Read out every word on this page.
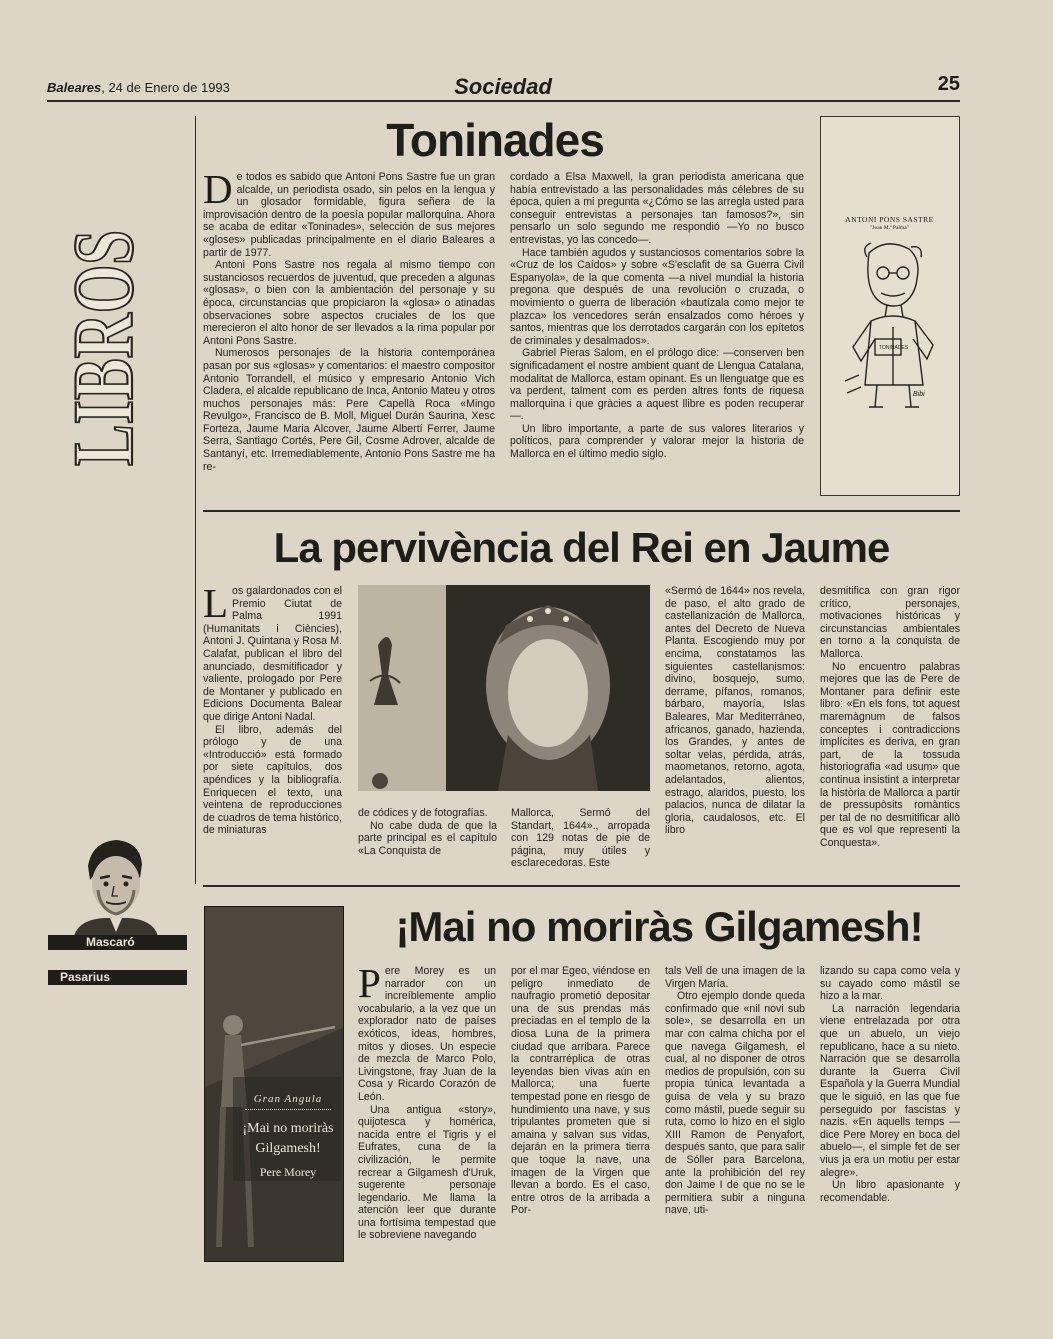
Baleares, 24 de Enero de 1993	Sociedad	25
LIBROS
Toninades
D e todos es sabido que Antoni Pons Sastre fue un gran alcalde, un periodista osado, sin pelos en la lengua y un glosador formidable, figura señera de la improvisación dentro de la poesía popular mallorquina. Ahora se acaba de editar «Toninades», selección de sus mejores «gloses» publicadas principalmente en el diario Baleares a partir de 1977.

Antoni Pons Sastre nos regala al mismo tiempo con sustanciosos recuerdos de juventud, que preceden a algunas «glosas», o bien con la ambientación del personaje y su época, circunstancias que propiciaron la «glosa» o atinadas observaciones sobre aspectos cruciales de los que merecieron el alto honor de ser llevados a la rima popular por Antoni Pons Sastre.

Numerosos personajes de la historia contemporánea pasan por sus «glosas» y comentarios: el maestro compositor Antonio Torrandell, el músico y empresario Antonio Vich Cladera, el alcalde republicano de Inca, Antonio Mateu y otros muchos personajes más: Pere Capellà Roca «Mingo Revulgo», Francisco de B. Moll, Miguel Durán Saurina, Xesc Forteza, Jaume Maria Alcover, Jaume Albertí Ferrer, Jaume Serra, Santiago Cortés, Pere Gil, Cosme Adrover, alcalde de Santanyí, etc. Irremediablemente, Antonio Pons Sastre me ha re-

cordado a Elsa Maxwell, la gran periodista americana que había entrevistado a las personalidades más célebres de su época, quien a mi pregunta «¿Cómo se las arregla usted para conseguir entrevistas a personajes tan famosos?», sin pensarlo un solo segundo me respondió —Yo no busco entrevistas, yo las concedo—.

Hace también agudos y sustanciosos comentarios sobre la «Cruz de los Caídos» y sobre «S'esclafit de sa Guerra Civil Espanyola», de la que comenta —a nivel mundial la historia pregona que después de una revolución o cruzada, o movimiento o guerra de liberación «bautízala como mejor te plazca» los vencedores serán ensalzados como héroes y santos, mientras que los derrotados cargarán con los epítetos de criminales y desalmados».

Gabriel Pieras Salom, en el prólogo dice: —conserven ben significadament el nostre ambient quant de Llengua Catalana, modalitat de Mallorca, estam opinant. Es un llenguatge que es va perdent, talment com es perden altres fonts de riquesa mallorquina i que gràcies a aquest llibre es poden recuperar—.

Un libro importante, a parte de sus valores literarios y políticos, para comprender y valorar mejor la historia de Mallorca en el último medio siglo.

ANTONI PONS SASTRE
"Joan M.ª Palma"
TONINADES
Bibi
La pervivència del Rei en Jaume
L os galardonados con el Premio Ciutat de Palma 1991 (Humanitats i Ciències), Antoni J. Quintana y Rosa M. Calafat, publican el libro del anunciado, desmitificador y valiente, prologado por Pere de Montaner y publicado en Edicions Documenta Balear que dirige Antoni Nadal.

El libro, además del prólogo y de una «Introducció» está formado por siete capítulos, dos apéndices y la bibliografía. Enriquecen el texto, una veintena de reproducciones de cuadros de tema histórico, de miniaturas

de códices y de fotografías.

No cabe duda de que la parte principal es el capítulo «La Conquista de

Mallorca, Sermó del Standart, 1644»., arropada con 129 notas de pie de página, muy útiles y esclarecedoras. Este

«Sermó de 1644» nos revela, de paso, el alto grado de castellanización de Mallorca, antes del Decreto de Nueva Planta. Escogiendo muy por encima, constatamos las siguientes castellanismos: divino, bosquejo, sumo, derrame, pífanos, romanos, bárbaro, mayoría, Islas Baleares, Mar Mediterráneo, africanos, ganado, hazienda, los Grandes, y antes de soltar velas, pérdida, atrás, maometanos, retorno, agota, adelantados, alientos, estrago, alaridos, puesto, los palacios, nunca de dilatar la gloria, caudalosos, etc. El libro

desmitifica con gran rigor crítico, personajes, motivaciones históricas y circunstancias ambientales en torno a la conquista de Mallorca.

No encuentro palabras mejores que las de Pere de Montaner para definir este libro: «En els fons, tot aquest maremàgnum de falsos conceptes i contradiccions implícites es deriva, en gran part, de la tossuda historiografia «ad usum» que continua insistint a interpretar la història de Mallorca a partir de pressupòsits romàntics per tal de no desmitificar allò que es vol que representi la Conquesta».

Mascaró
Pasarius
Gran Angula
¡Mai no moriràs
Gilgamesh!
Pere Morey
¡Mai no moriràs Gilgamesh!
P ere Morey es un narrador con un increíblemente amplio vocabulario, a la vez que un explorador nato de países exóticos, ideas, hombres, mitos y dioses. Un especie de mezcla de Marco Polo, Livingstone, fray Juan de la Cosa y Ricardo Corazón de León.

Una antigua «story», quijotesca y homérica, nacida entre el Tigris y el Eufrates, cuna de la civilización, le permite recrear a Gilgamesh d'Uruk, sugerente personaje legendario. Me llama la atención leer que durante una fortísima tempestad que le sobreviene navegando

por el mar Egeo, viéndose en peligro inmediato de naufragio prometió depositar una de sus prendas más preciadas en el templo de la diosa Luna de la primera ciudad que arribara. Parece la contrarréplica de otras leyendas bien vivas aún en Mallorca; una fuerte tempestad pone en riesgo de hundimiento una nave, y sus tripulantes prometen que si amaina y salvan sus vidas, dejarán en la primera tierra que toque la nave, una imagen de la Virgen que llevan a bordo. Es el caso, entre otros de la arribada a Por-

tals Vell de una imagen de la Virgen María.

Otro ejemplo donde queda confirmado que «nil novi sub sole», se desarrolla en un mar con calma chicha por el que navega Gilgamesh, el cual, al no disponer de otros medios de propulsión, con su propia túnica levantada a guisa de vela y su brazo como mástil, puede seguir su ruta, como lo hizo en el siglo XIII Ramon de Penyafort, después santo, que para salir de Sóller para Barcelona, ante la prohibición del rey don Jaime I de que no se le permitiera subir a ninguna nave, uti-

lizando su capa como vela y su cayado como mástil se hizo a la mar.

La narración legendaria viene entrelazada por otra que un abuelo, un viejo republicano, hace a su nieto. Narración que se desarrolla durante la Guerra Civil Española y la Guerra Mundial que le siguió, en las que fue perseguido por fascistas y nazis. «En aquells temps —dice Pere Morey en boca del abuelo—, el simple fet de ser vius ja era un motiu per estar alegre».

Un libro apasionante y recomendable.
